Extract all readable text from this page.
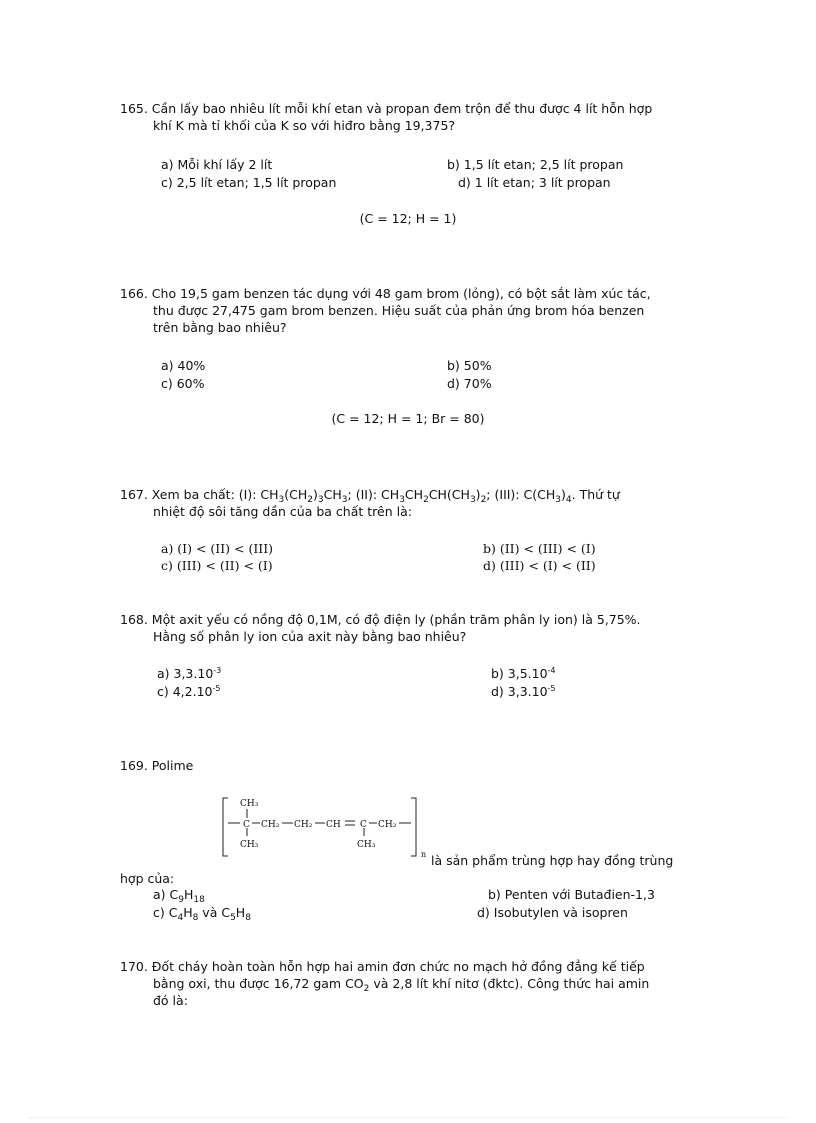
165. Cần lấy bao nhiêu lít mỗi khí etan và propan đem trộn để thu được 4 lít hỗn hợp
khí K mà tỉ khối của K so với hiđro bằng 19,375?
a) Mỗi khí lấy 2 lít	b) 1,5 lít etan; 2,5 lít propan
c) 2,5 lít etan; 1,5 lít propan	d) 1 lít etan; 3 lít propan
(C = 12; H = 1)
166. Cho 19,5 gam benzen tác dụng với 48 gam brom (lỏng), có bột sắt làm xúc tác,
thu được 27,475 gam brom benzen. Hiệu suất của phản ứng brom hóa benzen
trên bằng bao nhiêu?
a) 40%	b) 50%
c) 60%	d) 70%
(C = 12; H = 1; Br = 80)
167. Xem ba chất: (I): $CH_3(CH_2)_3CH_3$; (II): $CH_3CH_2CH(CH_3)_2$; (III): $C(CH_3)_4$. Thứ tự
nhiệt độ sôi tăng dần của ba chất trên là:
a) (I) < (II) < (III)	b) (II) < (III) < (I)
c) (III) < (II) < (I)	d) (III) < (I) < (II)
168. Một axit yếu có nồng độ 0,1M, có độ điện ly (phần trăm phân ly ion) là 5,75%.
Hằng số phân ly ion của axit này bằng bao nhiêu?
a) $3,3.10^{-3}$	b) $3,5.10^{-4}$
c) $4,2.10^{-5}$	d) $3,3.10^{-5}$
169. Polime
CH₃
C CH₂ CH₂ CH C CH₂
CH₃	CH₃
n là sản phẩm trùng hợp hay đồng trùng
hợp của:
a) $C_9H_{18}$	b) Penten với Butađien-1,3
c) $C_4H_8$ và $C_5H_8$	d) Isobutylen và isopren
170. Đốt cháy hoàn toàn hỗn hợp hai amin đơn chức no mạch hở đồng đẳng kế tiếp
bằng oxi, thu được 16,72 gam $CO_2$ và 2,8 lít khí nitơ (đktc). Công thức hai amin
đó là:
